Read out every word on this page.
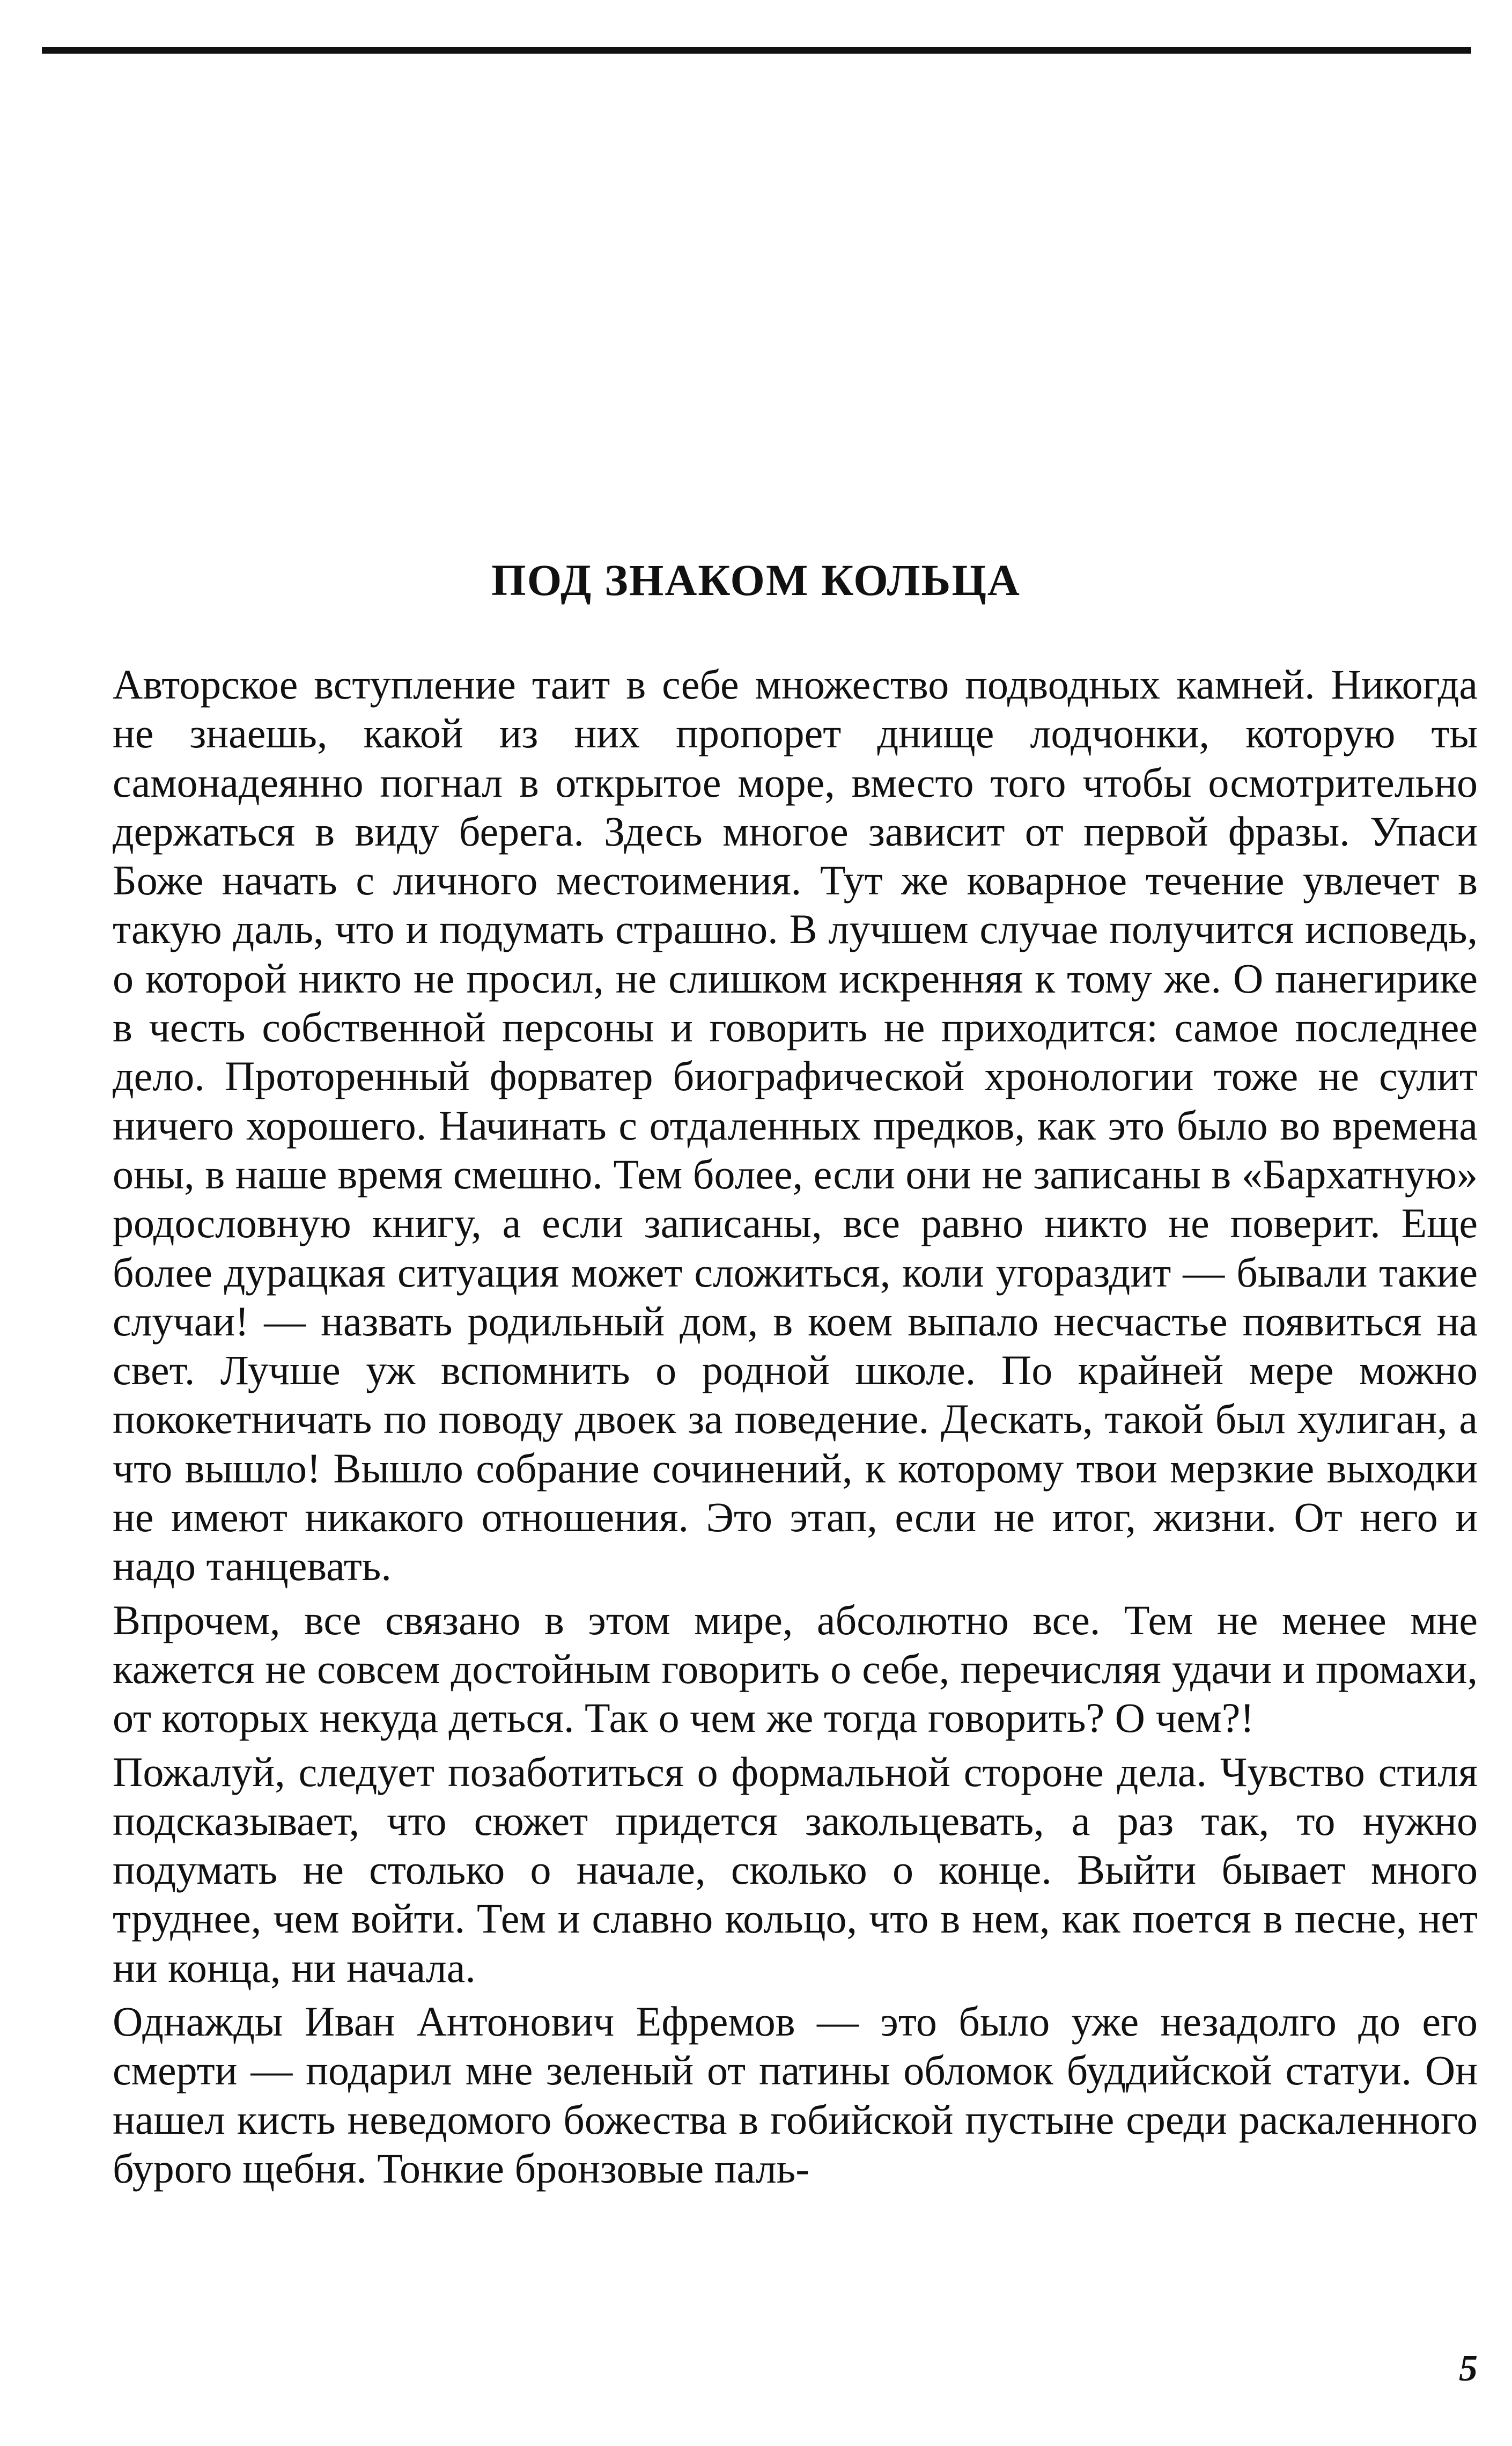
ПОД ЗНАКОМ КОЛЬЦА

Авторское вступление таит в себе множество подводных камней. Никогда не знаешь, какой из них пропорет днище лодчонки, которую ты самонадеянно погнал в открытое море, вместо того чтобы осмотрительно держаться в виду берега. Здесь многое зависит от первой фразы. Упаси Боже начать с личного местоимения. Тут же коварное течение увлечет в такую даль, что и подумать страшно. В лучшем случае получится исповедь, о которой никто не просил, не слишком искренняя к тому же. О панегирике в честь собственной персоны и говорить не приходится: самое последнее дело. Проторенный форватер биографической хронологии тоже не сулит ничего хорошего. Начинать с отдаленных предков, как это было во времена оны, в наше время смешно. Тем более, если они не записаны в «Бархатную» родословную книгу, а если записаны, все равно никто не поверит. Еще более дурацкая ситуация может сложиться, коли угораздит — бывали такие случаи! — назвать родильный дом, в коем выпало несчастье появиться на свет. Лучше уж вспомнить о родной школе. По крайней мере можно пококетничать по поводу двоек за поведение. Дескать, такой был хулиган, а что вышло! Вышло собрание сочинений, к которому твои мерзкие выходки не имеют никакого отношения. Это этап, если не итог, жизни. От него и надо танцевать.

Впрочем, все связано в этом мире, абсолютно все. Тем не менее мне кажется не совсем достойным говорить о себе, перечисляя удачи и промахи, от которых некуда деться. Так о чем же тогда говорить? О чем?!

Пожалуй, следует позаботиться о формальной стороне дела. Чувство стиля подсказывает, что сюжет придется закольцевать, а раз так, то нужно подумать не столько о начале, сколько о конце. Выйти бывает много труднее, чем войти. Тем и славно кольцо, что в нем, как поется в песне, нет ни конца, ни начала.

Однажды Иван Антонович Ефремов — это было уже незадолго до его смерти — подарил мне зеленый от патины обломок буддийской статуи. Он нашел кисть неведомого божества в гобийской пустыне среди раскаленного бурого щебня. Тонкие бронзовые паль-

5
